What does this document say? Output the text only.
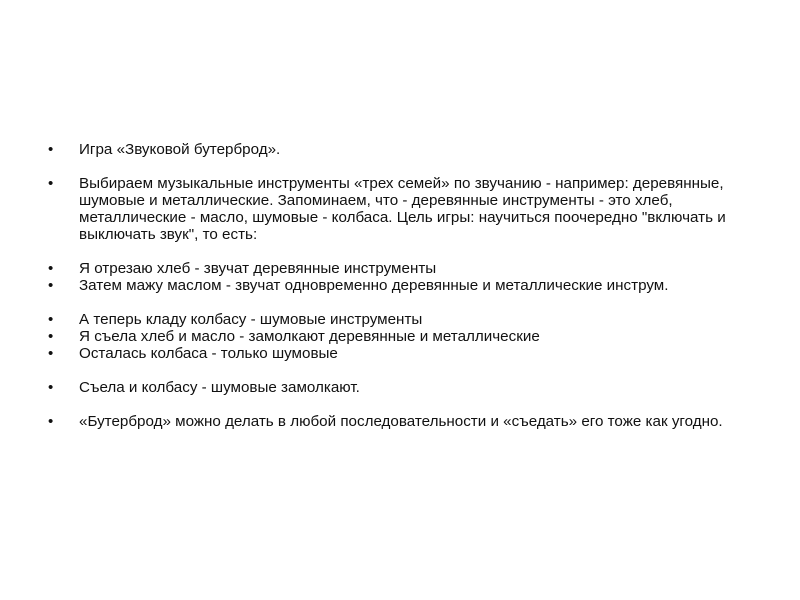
• Игра «Звуковой бутерброд».
• Выбираем музыкальные инструменты «трех семей» по звучанию - например: деревянные, шумовые и металлические. Запоминаем, что - деревянные инструменты - это хлеб, металлические - масло, шумовые - колбаса. Цель игры: научиться поочередно "включать и выключать звук", то есть:
• Я отрезаю хлеб - звучат деревянные инструменты
• Затем мажу маслом - звучат одновременно деревянные и металлические инструм.
• А теперь кладу колбасу - шумовые инструменты
• Я съела хлеб и масло - замолкают деревянные и металлические
• Осталась колбаса - только шумовые
• Съела и колбасу - шумовые замолкают.
• «Бутерброд» можно делать в любой последовательности и «съедать» его тоже как угодно.
